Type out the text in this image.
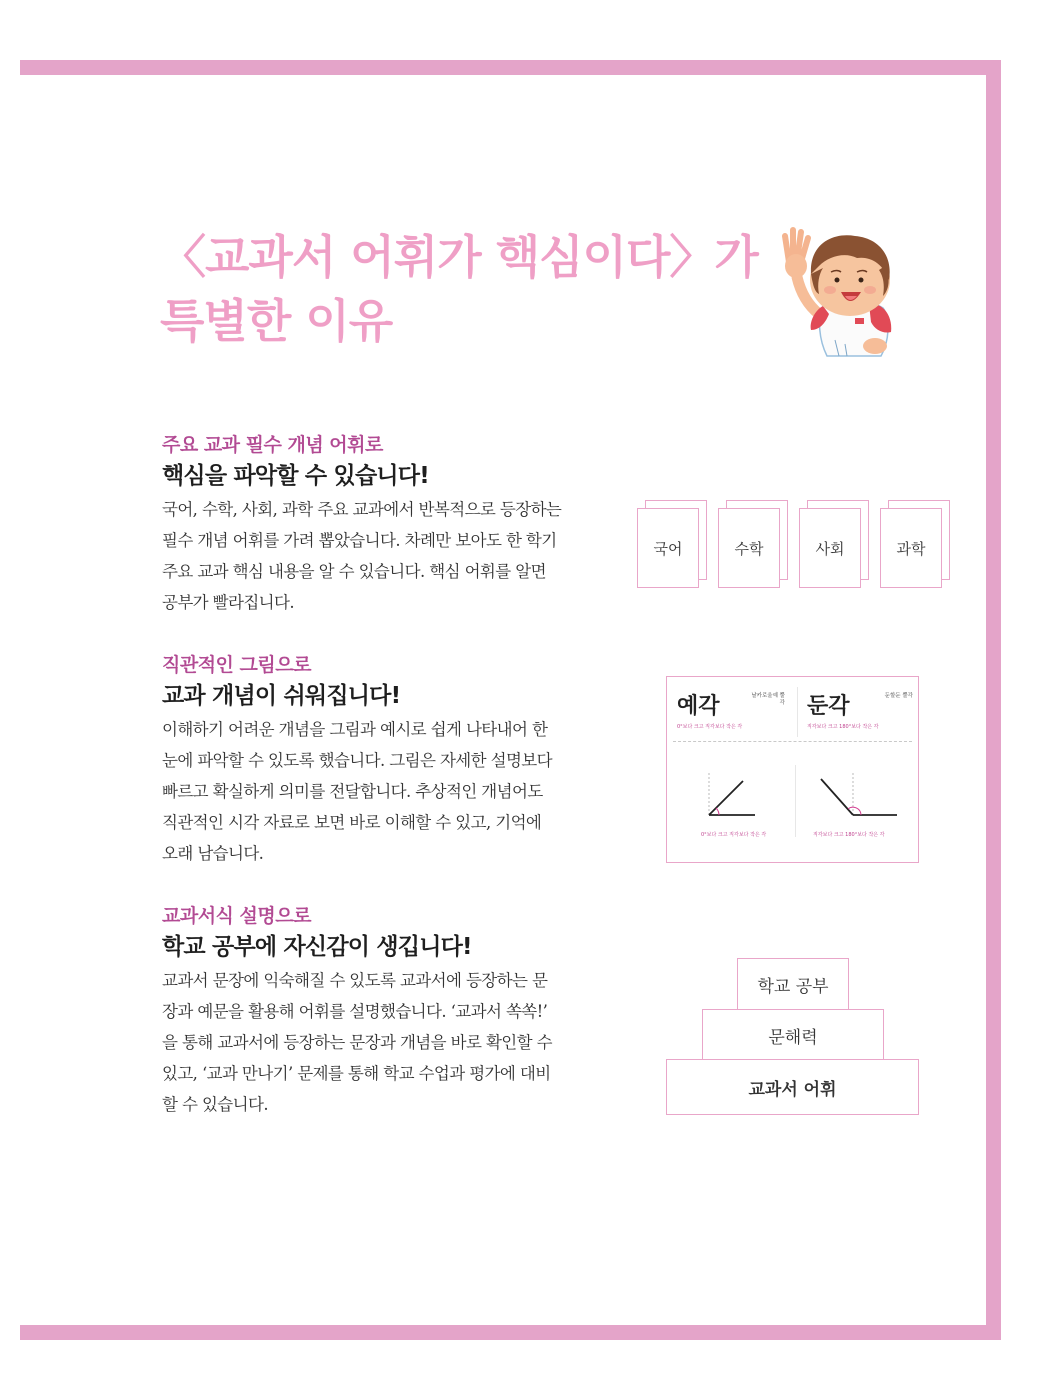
〈교과서 어휘가 핵심이다〉가
특별한 이유
주요 교과 필수 개념 어휘로
핵심을 파악할 수 있습니다!

국어, 수학, 사회, 과학 주요 교과에서 반복적으로 등장하는
필수 개념 어휘를 가려 뽑았습니다. 차례만 보아도 한 학기
주요 교과 핵심 내용을 알 수 있습니다. 핵심 어휘를 알면
공부가 빨라집니다.

직관적인 그림으로
교과 개념이 쉬워집니다!

이해하기 어려운 개념을 그림과 예시로 쉽게 나타내어 한
눈에 파악할 수 있도록 했습니다. 그림은 자세한 설명보다
빠르고 확실하게 의미를 전달합니다. 추상적인 개념어도
직관적인 시각 자료로 보면 바로 이해할 수 있고, 기억에
오래 남습니다.

교과서식 설명으로
학교 공부에 자신감이 생깁니다!

교과서 문장에 익숙해질 수 있도록 교과서에 등장하는 문
장과 예문을 활용해 어휘를 설명했습니다. ‘교과서 쏙쏙!’
을 통해 교과서에 등장하는 문장과 개념을 바로 확인할 수
있고, ‘교과 만나기’ 문제를 통해 학교 수업과 평가에 대비
할 수 있습니다.

국어	수학	사회	과학
예각	날카로울예 뿔각
0°보다 크고 직각보다 작은 각
둔각	둔할둔 뿔각
직각보다 크고 180°보다 작은 각
0°보다 크고 직각보다 작은 각	직각보다 크고 180°보다 작은 각
학교 공부
문해력
교과서 어휘
